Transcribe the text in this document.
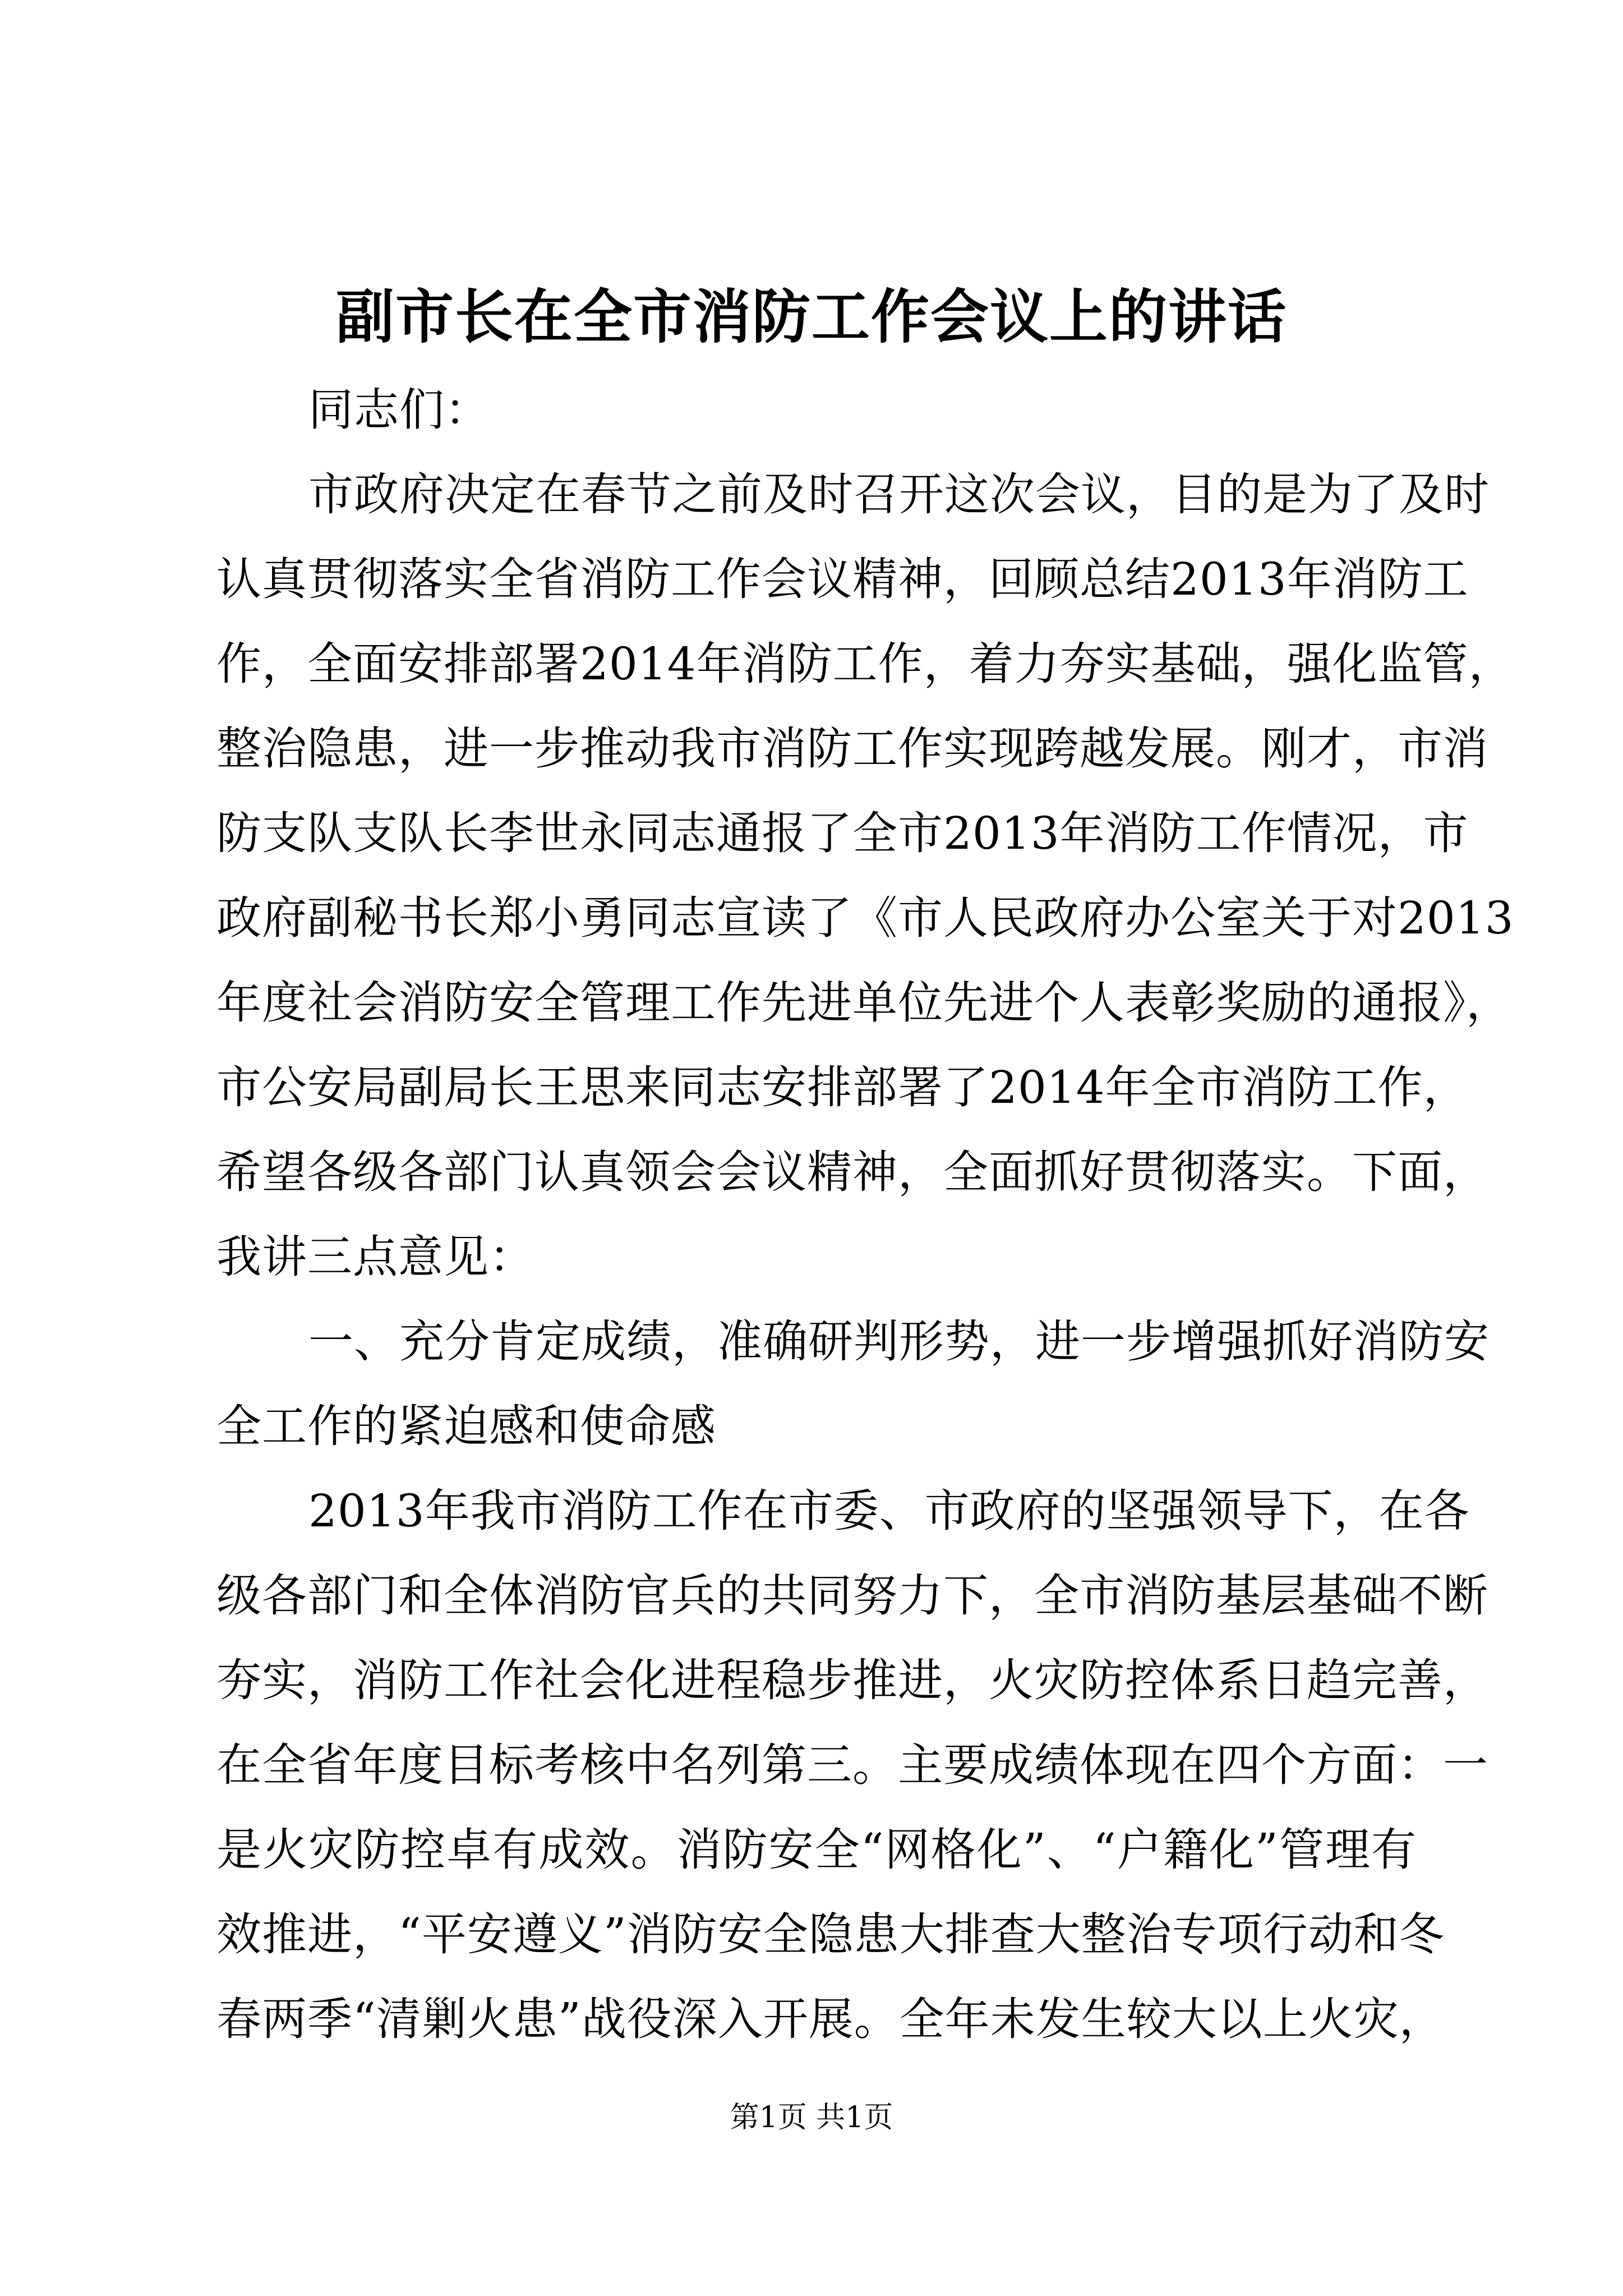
副市长在全市消防工作会议上的讲话
同志们：
市政府决定在春节之前及时召开这次会议，目的是为了及时
认真贯彻落实全省消防工作会议精神，回顾总结2013年消防工
作，全面安排部署2014年消防工作，着力夯实基础，强化监管，
整治隐患，进一步推动我市消防工作实现跨越发展。刚才，市消
防支队支队长李世永同志通报了全市2013年消防工作情况，市
政府副秘书长郑小勇同志宣读了《市人民政府办公室关于对2013
年度社会消防安全管理工作先进单位先进个人表彰奖励的通报》，
市公安局副局长王思来同志安排部署了2014年全市消防工作，
希望各级各部门认真领会会议精神，全面抓好贯彻落实。下面，
我讲三点意见：
一、充分肯定成绩，准确研判形势，进一步增强抓好消防安
全工作的紧迫感和使命感
2013年我市消防工作在市委、市政府的坚强领导下，在各
级各部门和全体消防官兵的共同努力下，全市消防基层基础不断
夯实，消防工作社会化进程稳步推进，火灾防控体系日趋完善，
在全省年度目标考核中名列第三。主要成绩体现在四个方面：一
是火灾防控卓有成效。消防安全“网格化”、“户籍化”管理有
效推进，“平安遵义”消防安全隐患大排查大整治专项行动和冬
春两季“清剿火患”战役深入开展。全年未发生较大以上火灾，
第1页 共1页
